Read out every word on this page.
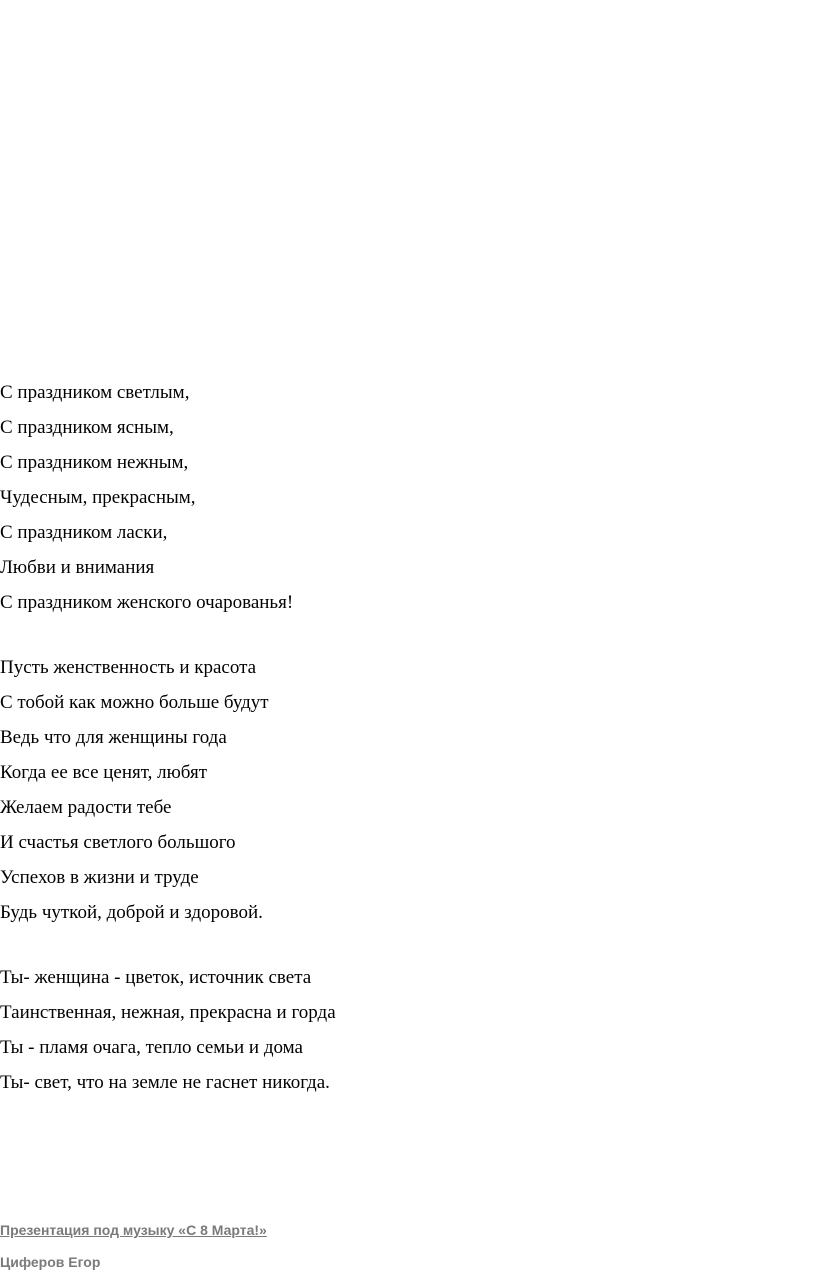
С праздником светлым,
С праздником ясным,
С праздником нежным,
Чудесным, прекрасным,
С праздником ласки,
Любви и внимания
С праздником женского очарованья!
Пусть женственность и красота
С тобой как можно больше будут
Ведь что для женщины года
Когда ее все ценят, любят
Желаем радости тебе
И счастья светлого большого
Успехов в жизни и труде
Будь чуткой, доброй и здоровой.
Ты- женщина - цветок, источник света
Таинственная, нежная, прекрасна и горда
Ты - пламя очага, тепло семьи и дома
Ты- свет, что на земле не гаснет никогда.
Презентация под музыку «С 8 Марта!»
Циферов Егор
